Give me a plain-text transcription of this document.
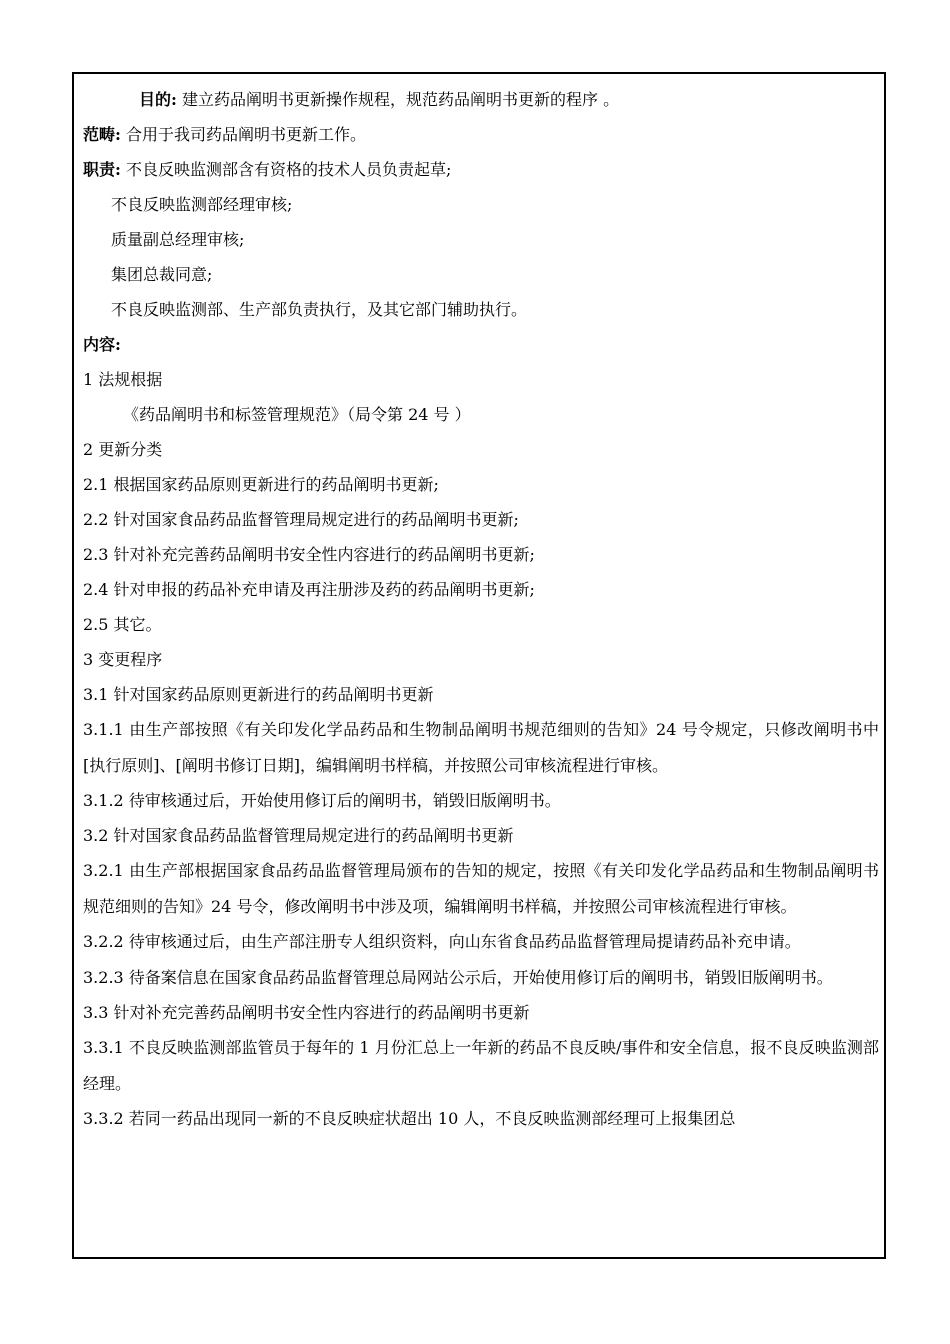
目的: 建立药品阐明书更新操作规程，规范药品阐明书更新的程序 。

范畴: 合用于我司药品阐明书更新工作。

职责: 不良反映监测部含有资格的技术人员负责起草;

不良反映监测部经理审核;

质量副总经理审核;

集团总裁同意;

不良反映监测部、生产部负责执行，及其它部门辅助执行。

内容:

1 法规根据

《药品阐明书和标签管理规范》（局令第 24 号 ）

2 更新分类

2.1 根据国家药品原则更新进行的药品阐明书更新;

2.2 针对国家食品药品监督管理局规定进行的药品阐明书更新;

2.3 针对补充完善药品阐明书安全性内容进行的药品阐明书更新;

2.4 针对申报的药品补充申请及再注册涉及药的药品阐明书更新;

2.5 其它。

3 变更程序

3.1 针对国家药品原则更新进行的药品阐明书更新

3.1.1 由生产部按照《有关印发化学品药品和生物制品阐明书规范细则的告知》24 号令规定，只修改阐明书中[执行原则]、[阐明书修订日期]，编辑阐明书样稿，并按照公司审核流程进行审核。

3.1.2 待审核通过后，开始使用修订后的阐明书，销毁旧版阐明书。

3.2 针对国家食品药品监督管理局规定进行的药品阐明书更新

3.2.1 由生产部根据国家食品药品监督管理局颁布的告知的规定，按照《有关印发化学品药品和生物制品阐明书规范细则的告知》24 号令，修改阐明书中涉及项，编辑阐明书样稿，并按照公司审核流程进行审核。

3.2.2 待审核通过后，由生产部注册专人组织资料，向山东省食品药品监督管理局提请药品补充申请。

3.2.3 待备案信息在国家食品药品监督管理总局网站公示后，开始使用修订后的阐明书，销毁旧版阐明书。

3.3 针对补充完善药品阐明书安全性内容进行的药品阐明书更新

3.3.1 不良反映监测部监管员于每年的 1 月份汇总上一年新的药品不良反映/事件和安全信息，报不良反映监测部经理。

3.3.2 若同一药品出现同一新的不良反映症状超出 10 人，不良反映监测部经理可上报集团总
